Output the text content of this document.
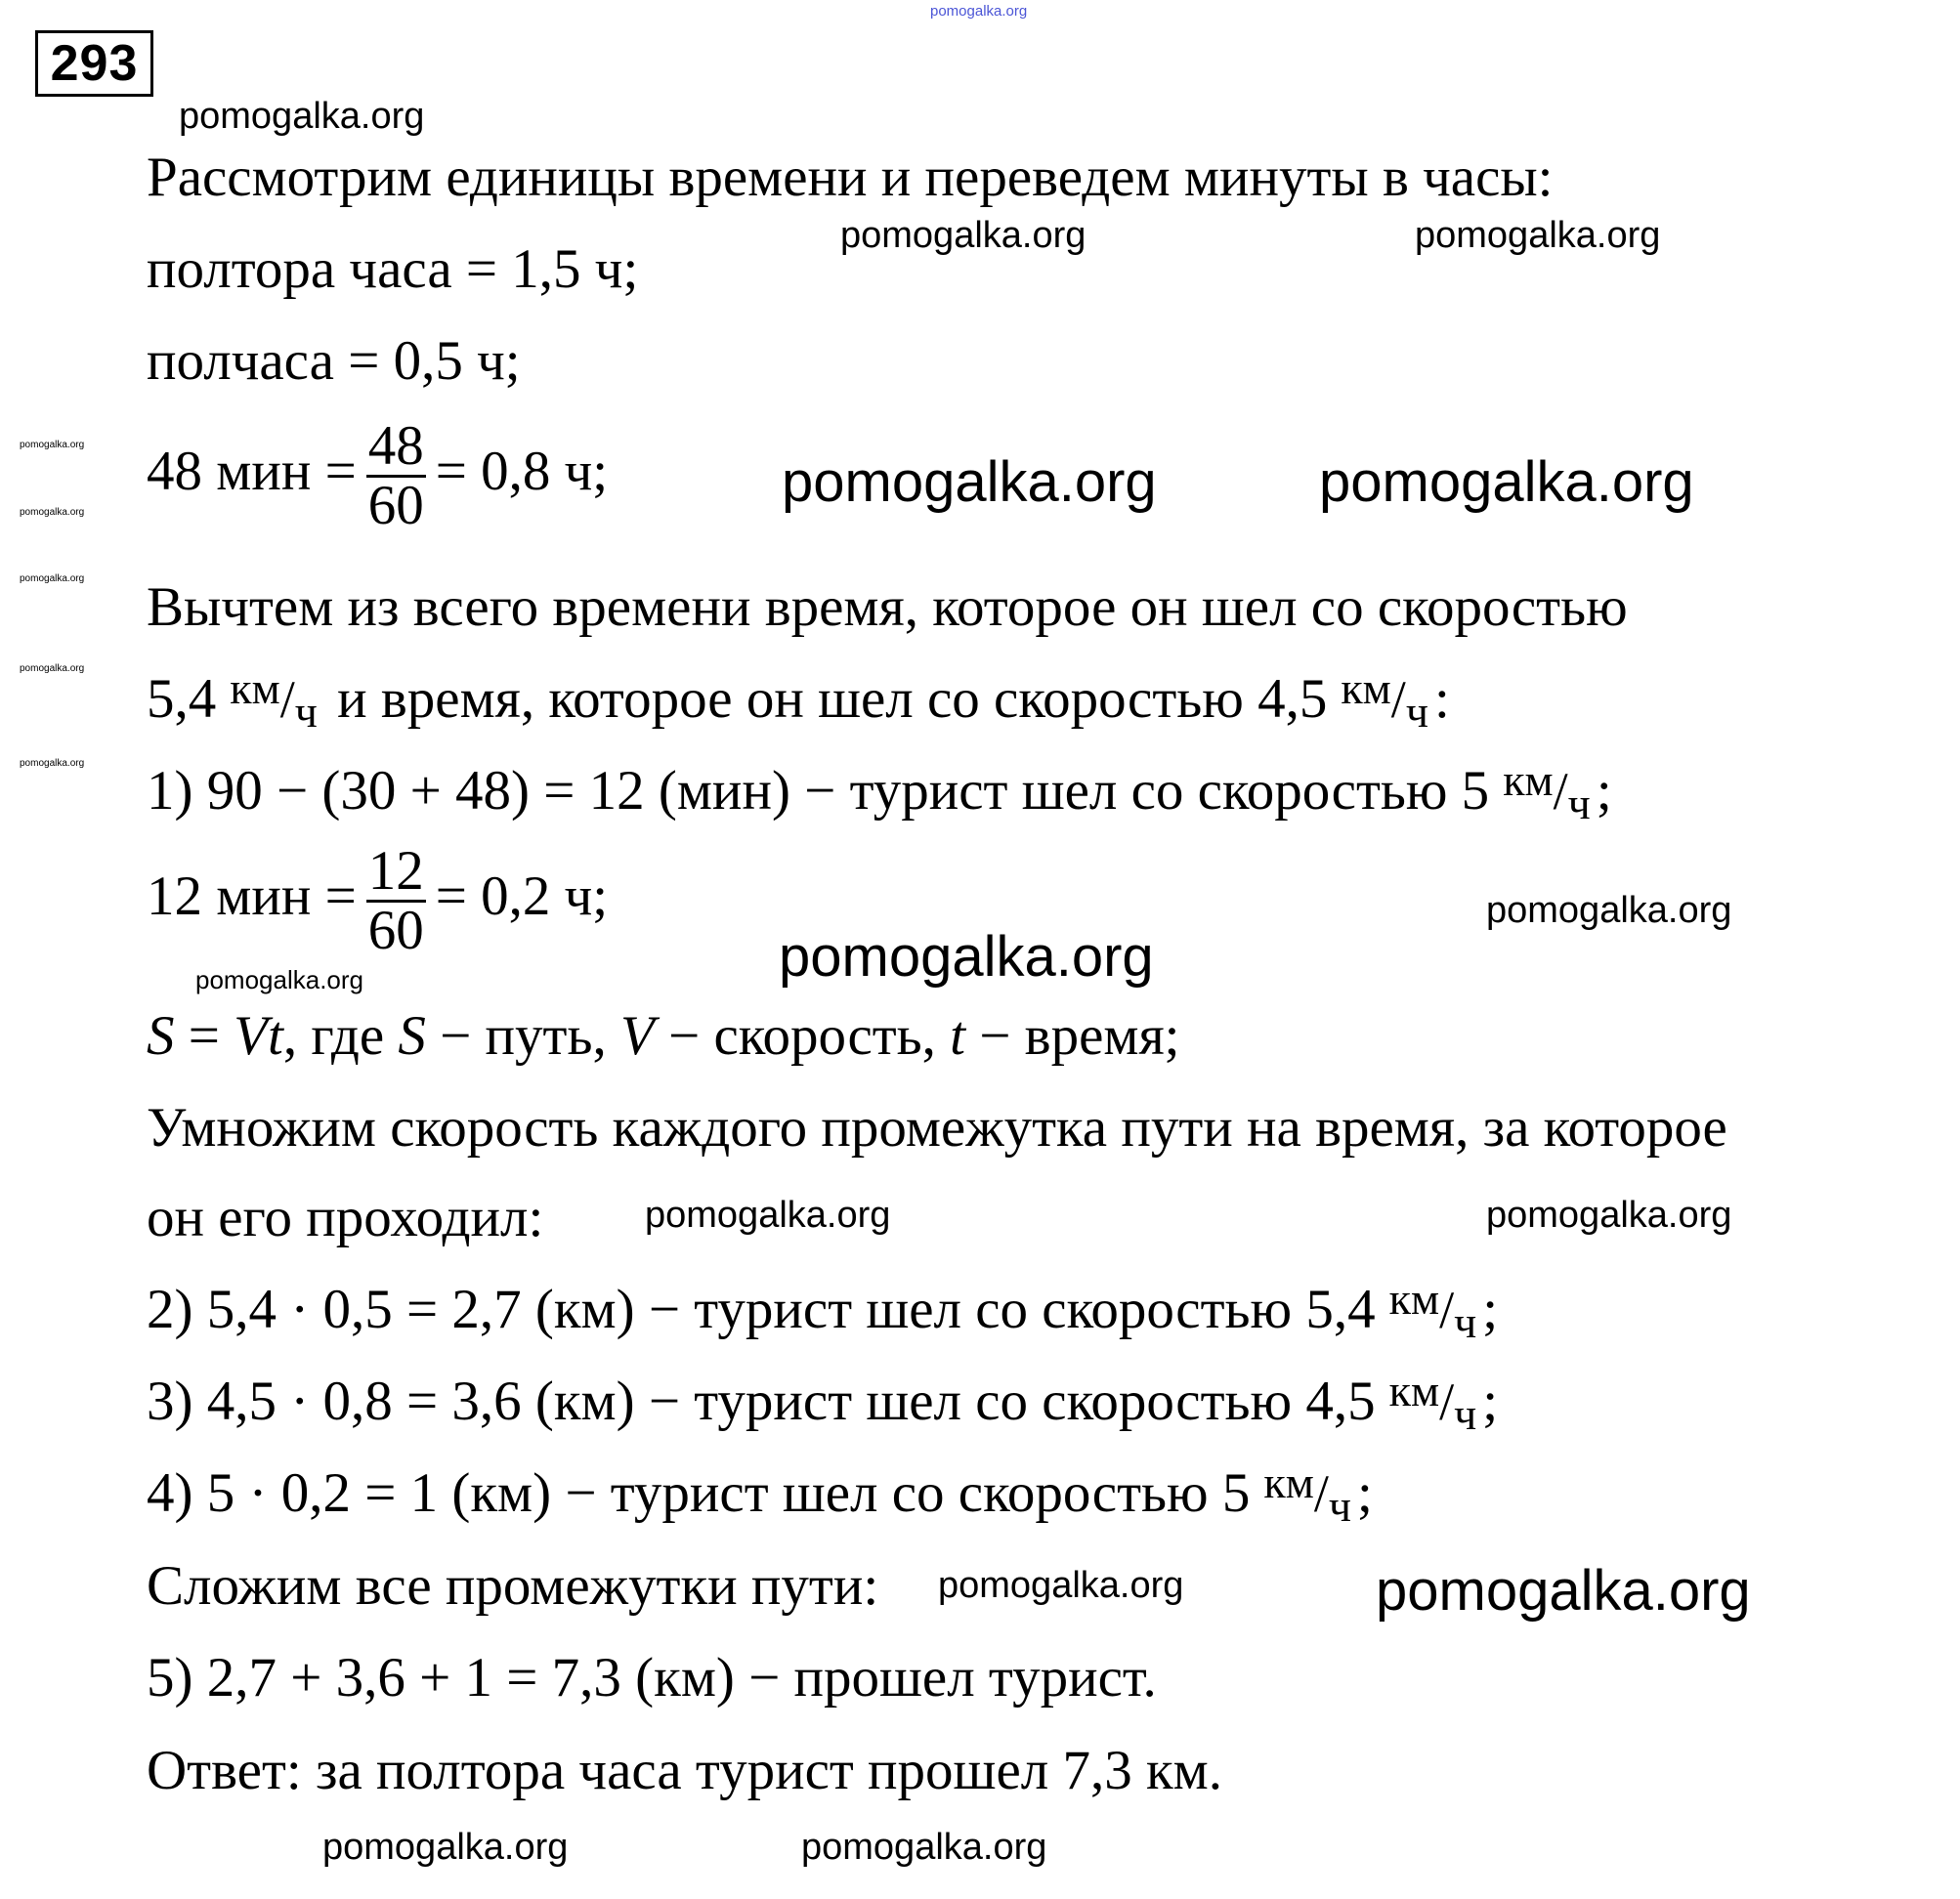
293
Рассмотрим единицы времени и переведем минуты в часы:
полтора часа = 1,5 ч;
полчаса = 0,5 ч;
48 мин = $\frac{48}{60} = 0,8$ ч;
Вычтем из всего времени время, которое он шел со скоростью
5,4 км/ч и время, которое он шел со скоростью 4,5 км/ч :
1) 90 − (30 + 48) = 12 (мин) − турист шел со скоростью 5 км/ч ;
12 мин = $\frac{12}{60} = 0,2$ ч;
S = Vt, где S − путь, V − скорость, t − время;
Умножим скорость каждого промежутка пути на время, за которое
он его проходил:
2) 5,4 · 0,5 = 2,7 (км) − турист шел со скоростью 5,4 км/ч ;
3) 4,5 · 0,8 = 3,6 (км) − турист шел со скоростью 4,5 км/ч ;
4) 5 · 0,2 = 1 (км) − турист шел со скоростью 5 км/ч ;
Сложим все промежутки пути:
5) 2,7 + 3,6 + 1 = 7,3 (км) − прошел турист.
Ответ: за полтора часа турист прошел 7,3 км.
pomogalka.org
pomogalka.org
pomogalka.org	pomogalka.org
pomogalka.org
pomogalka.org
pomogalka.org
pomogalka.org
pomogalka.org
pomogalka.org	pomogalka.org
pomogalka.org
pomogalka.org	pomogalka.org
pomogalka.org	pomogalka.org
pomogalka.org
pomogalka.org
pomogalka.org
pomogalka.org
